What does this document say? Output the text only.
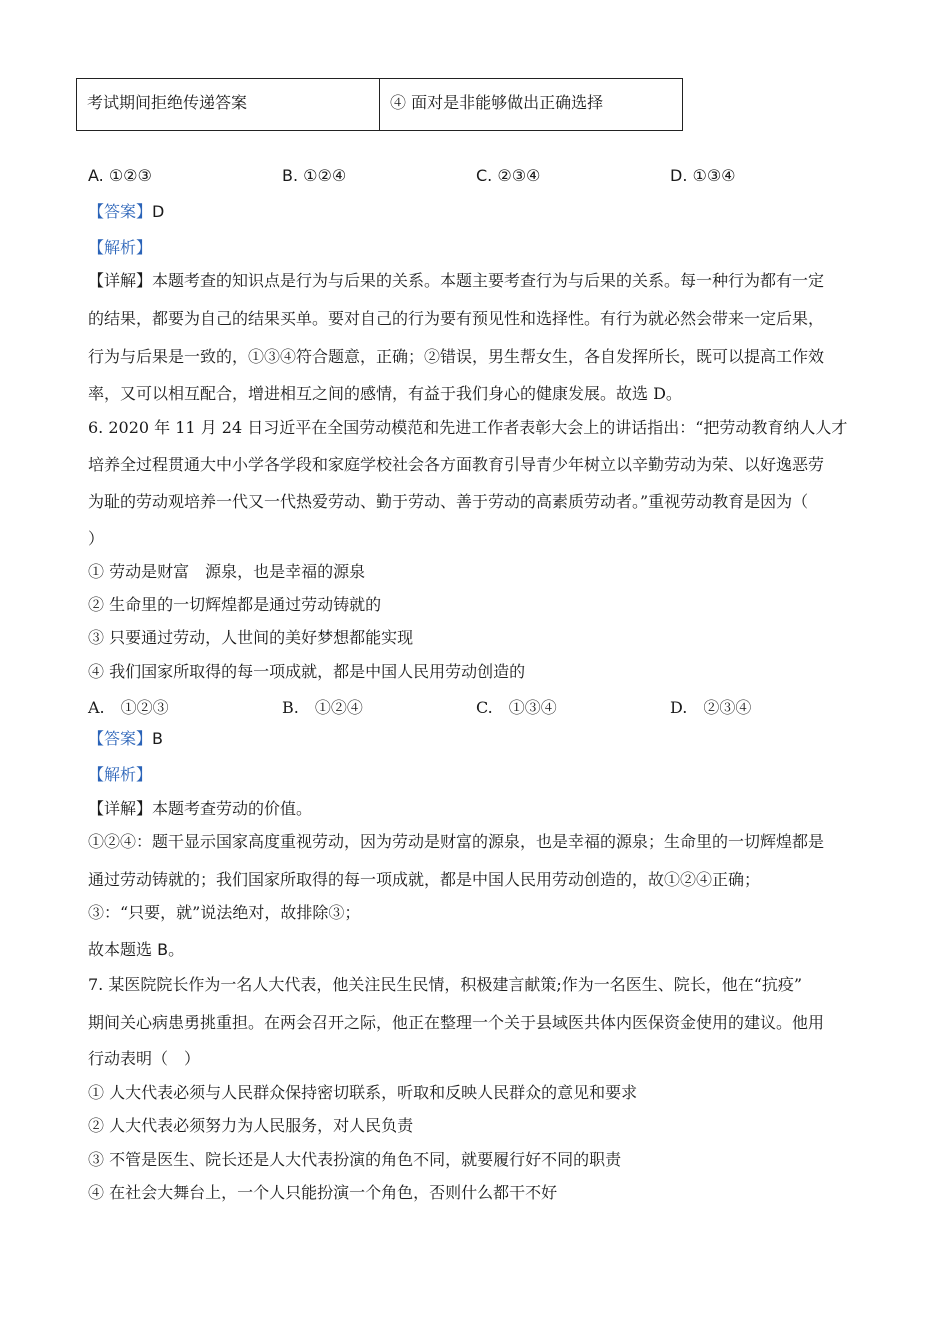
考试期间拒绝传递答案	④ 面对是非能够做出正确选择
A. ①②③	B. ①②④	C. ②③④	D. ①③④
【答案】D
【解析】
【详解】本题考查的知识点是行为与后果的关系。本题主要考查行为与后果的关系。每一种行为都有一定
的结果，都要为自己的结果买单。要对自己的行为要有预见性和选择性。有行为就必然会带来一定后果，
行为与后果是一致的，①③④符合题意，正确；②错误，男生帮女生，各自发挥所长，既可以提高工作效
率，又可以相互配合，增进相互之间的感情，有益于我们身心的健康发展。故选 D。
6. 2020 年 11 月 24 日习近平在全国劳动模范和先进工作者表彰大会上的讲话指出：“把劳动教育纳人人才
培养全过程贯通大中小学各学段和家庭学校社会各方面教育引导青少年树立以辛勤劳动为荣、以好逸恶劳
为耻的劳动观培养一代又一代热爱劳动、勤于劳动、善于劳动的高素质劳动者。”重视劳动教育是因为（
）
① 劳动是财富　源泉，也是幸福的源泉
② 生命里的一切辉煌都是通过劳动铸就的
③ 只要通过劳动，人世间的美好梦想都能实现
④ 我们国家所取得的每一项成就，都是中国人民用劳动创造的
A.　①②③	B.　①②④	C.　①③④	D.　②③④
【答案】B
【解析】
【详解】本题考查劳动的价值。
①②④：题干显示国家高度重视劳动，因为劳动是财富的源泉，也是幸福的源泉；生命里的一切辉煌都是
通过劳动铸就的；我们国家所取得的每一项成就，都是中国人民用劳动创造的，故①②④正确；
③：“只要，就”说法绝对，故排除③；
故本题选 B。
7. 某医院院长作为一名人大代表，他关注民生民情，积极建言献策;作为一名医生、院长，他在“抗疫”
期间关心病患勇挑重担。在两会召开之际，他正在整理一个关于县域医共体内医保资金使用的建议。他用
行动表明（　）
① 人大代表必须与人民群众保持密切联系，听取和反映人民群众的意见和要求
② 人大代表必须努力为人民服务，对人民负责
③ 不管是医生、院长还是人大代表扮演的角色不同，就要履行好不同的职责
④ 在社会大舞台上，一个人只能扮演一个角色，否则什么都干不好
